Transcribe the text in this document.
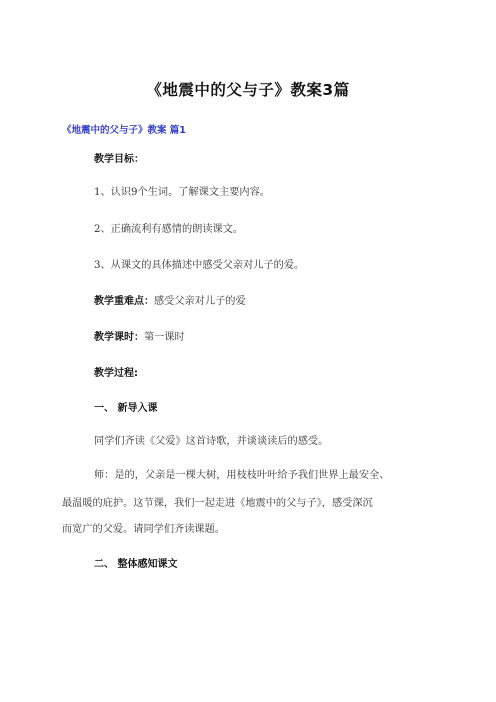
《地震中的父与子》教案3篇
《地震中的父与子》教案 篇1
教学目标：
1、认识9个生词。了解课文主要内容。
2、正确流利有感情的朗读课文。
3、从课文的具体描述中感受父亲对儿子的爱。
教学重难点：感受父亲对儿子的爱
教学课时：第一课时
教学过程:
一、 新导入课
同学们齐读《父爱》这首诗歌，并谈谈读后的感受。
师：是的，父亲是一棵大树，用枝枝叶叶给予我们世界上最安全、
最温暖的庇护。这节课，我们一起走进《地震中的父与子》，感受深沉
而宽广的父爱。请同学们齐读课题。
二、 整体感知课文
